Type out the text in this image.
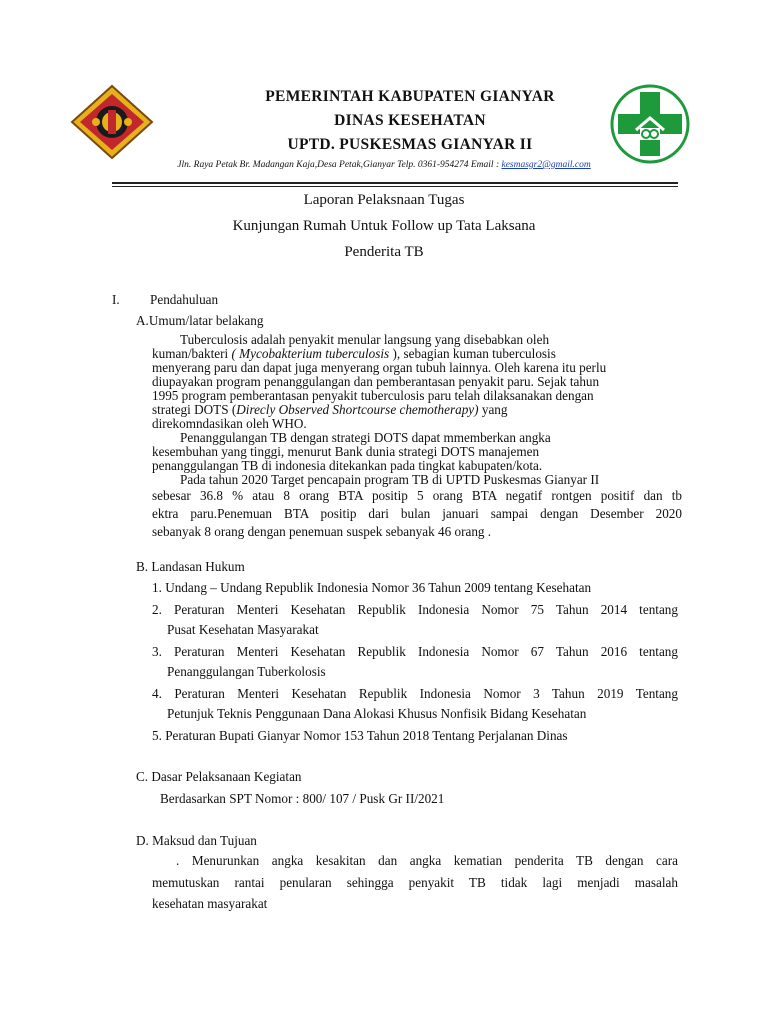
PEMERINTAH KABUPATEN GIANYAR
DINAS KESEHATAN
UPTD. PUSKESMAS GIANYAR II
Jln. Raya Petak Br. Madangan Kaja,Desa Petak,Gianyar Telp. 0361-954274 Email : kesmasgr2@gmail.com
Laporan Pelaksnaan Tugas
Kunjungan Rumah Untuk Follow up Tata Laksana
Penderita TB
I. Pendahuluan
A.Umum/latar belakang
Tuberculosis adalah penyakit menular langsung yang disebabkan oleh
kuman/bakteri ( Mycobakterium tuberculosis ), sebagian kuman tuberculosis
menyerang paru dan dapat juga menyerang organ tubuh lainnya. Oleh karena itu perlu
diupayakan program penanggulangan dan pemberantasan penyakit paru. Sejak tahun
1995 program pemberantasan penyakit tuberculosis paru telah dilaksanakan dengan
strategi DOTS (Direcly Observed Shortcourse chemotherapy) yang
direkomndasikan oleh WHO.
Penanggulangan TB dengan strategi DOTS dapat mmemberkan angka
kesembuhan yang tinggi, menurut Bank dunia strategi DOTS manajemen
penanggulangan TB di indonesia ditekankan pada tingkat kabupaten/kota.
Pada tahun 2020 Target pencapain program TB di UPTD Puskesmas Gianyar II
sebesar 36.8 % atau 8 orang BTA positip 5 orang BTA negatif rontgen positif dan tb
ektra paru.Penemuan BTA positip dari bulan januari sampai dengan Desember 2020
sebanyak 8 orang dengan penemuan suspek sebanyak 46 orang .
B. Landasan Hukum
1. Undang – Undang Republik Indonesia Nomor 36 Tahun 2009 tentang Kesehatan
2. Peraturan Menteri Kesehatan Republik Indonesia Nomor 75 Tahun 2014 tentang
Pusat Kesehatan Masyarakat
3. Peraturan Menteri Kesehatan Republik Indonesia Nomor 67 Tahun 2016 tentang
Penanggulangan Tuberkolosis
4. Peraturan Menteri Kesehatan Republik Indonesia Nomor 3 Tahun 2019 Tentang
Petunjuk Teknis Penggunaan Dana Alokasi Khusus Nonfisik Bidang Kesehatan
5. Peraturan Bupati Gianyar Nomor 153 Tahun 2018 Tentang Perjalanan Dinas
C. Dasar Pelaksanaan Kegiatan
Berdasarkan SPT Nomor : 800/ 107 / Pusk Gr II/2021
D. Maksud dan Tujuan
. Menurunkan angka kesakitan dan angka kematian penderita TB dengan cara
memutuskan rantai penularan sehingga penyakit TB tidak lagi menjadi masalah
kesehatan masyarakat
